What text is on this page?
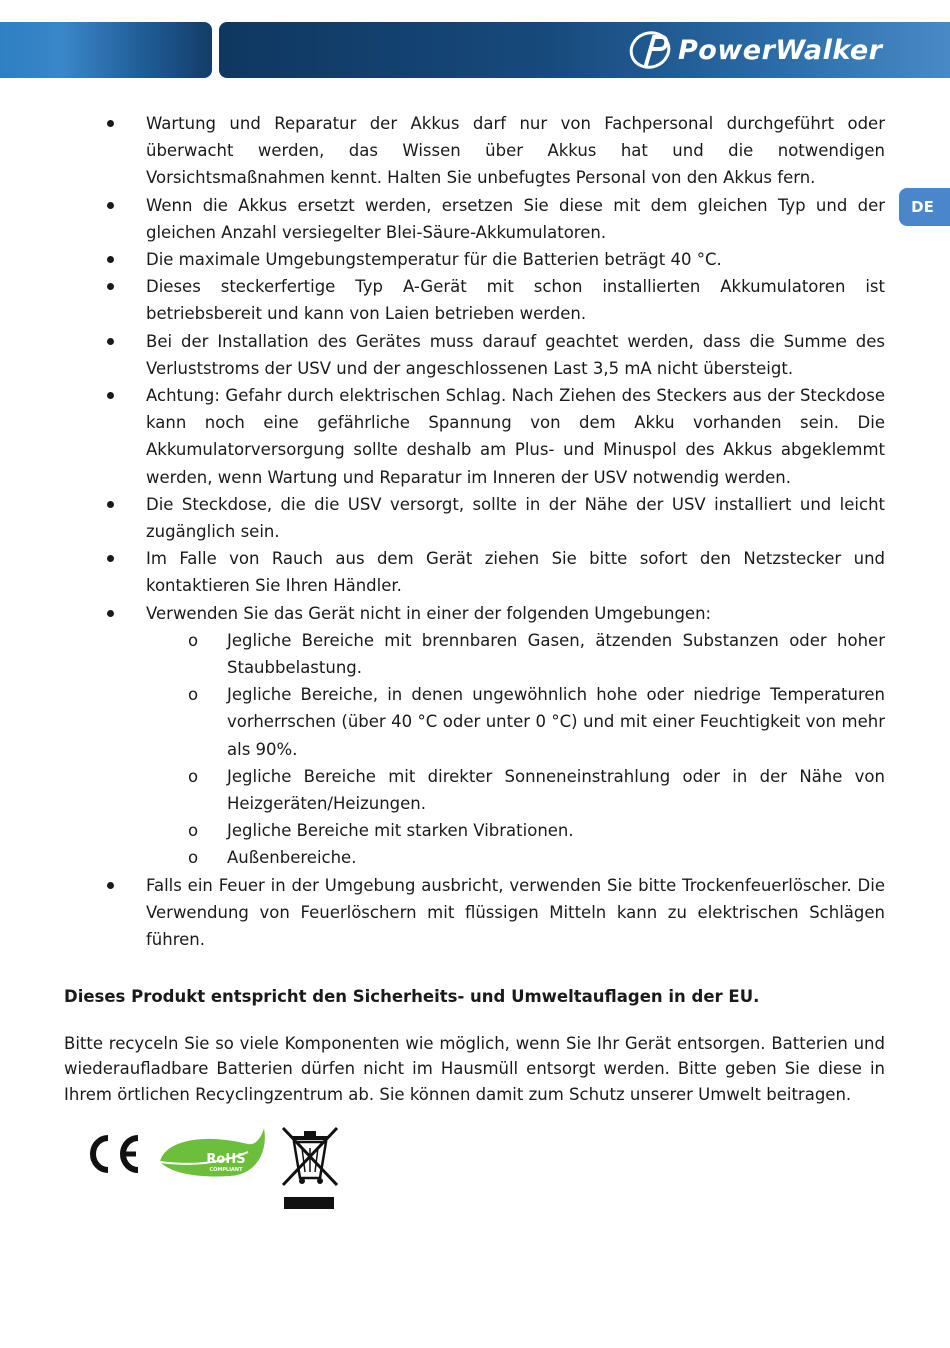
PowerWalker
DE
Wartung und Reparatur der Akkus darf nur von Fachpersonal durchgeführt oder überwacht werden, das Wissen über Akkus hat und die notwendigen Vorsichtsmaßnahmen kennt. Halten Sie unbefugtes Personal von den Akkus fern.
Wenn die Akkus ersetzt werden, ersetzen Sie diese mit dem gleichen Typ und der gleichen Anzahl versiegelter Blei-Säure-Akkumulatoren.
Die maximale Umgebungstemperatur für die Batterien beträgt 40 °C.
Dieses steckerfertige Typ A-Gerät mit schon installierten Akkumulatoren ist betriebsbereit und kann von Laien betrieben werden.
Bei der Installation des Gerätes muss darauf geachtet werden, dass die Summe des Verluststroms der USV und der angeschlossenen Last 3,5 mA nicht übersteigt.
Achtung: Gefahr durch elektrischen Schlag. Nach Ziehen des Steckers aus der Steckdose kann noch eine gefährliche Spannung von dem Akku vorhanden sein. Die Akkumulatorversorgung sollte deshalb am Plus- und Minuspol des Akkus abgeklemmt werden, wenn Wartung und Reparatur im Inneren der USV notwendig werden.
Die Steckdose, die die USV versorgt, sollte in der Nähe der USV installiert und leicht zugänglich sein.
Im Falle von Rauch aus dem Gerät ziehen Sie bitte sofort den Netzstecker und kontaktieren Sie Ihren Händler.
Verwenden Sie das Gerät nicht in einer der folgenden Umgebungen:
o Jegliche Bereiche mit brennbaren Gasen, ätzenden Substanzen oder hoher Staubbelastung.
o Jegliche Bereiche, in denen ungewöhnlich hohe oder niedrige Temperaturen vorherrschen (über 40 °C oder unter 0 °C) und mit einer Feuchtigkeit von mehr als 90%.
o Jegliche Bereiche mit direkter Sonneneinstrahlung oder in der Nähe von Heizgeräten/Heizungen.
o Jegliche Bereiche mit starken Vibrationen.
o Außenbereiche.
Falls ein Feuer in der Umgebung ausbricht, verwenden Sie bitte Trockenfeuerlöscher. Die Verwendung von Feuerlöschern mit flüssigen Mitteln kann zu elektrischen Schlägen führen.
Dieses Produkt entspricht den Sicherheits- und Umweltauflagen in der EU.
Bitte recyceln Sie so viele Komponenten wie möglich, wenn Sie Ihr Gerät entsorgen. Batterien und wiederaufladbare Batterien dürfen nicht im Hausmüll entsorgt werden. Bitte geben Sie diese in Ihrem örtlichen Recyclingzentrum ab. Sie können damit zum Schutz unserer Umwelt beitragen.
RoHS
COMPLIANT
